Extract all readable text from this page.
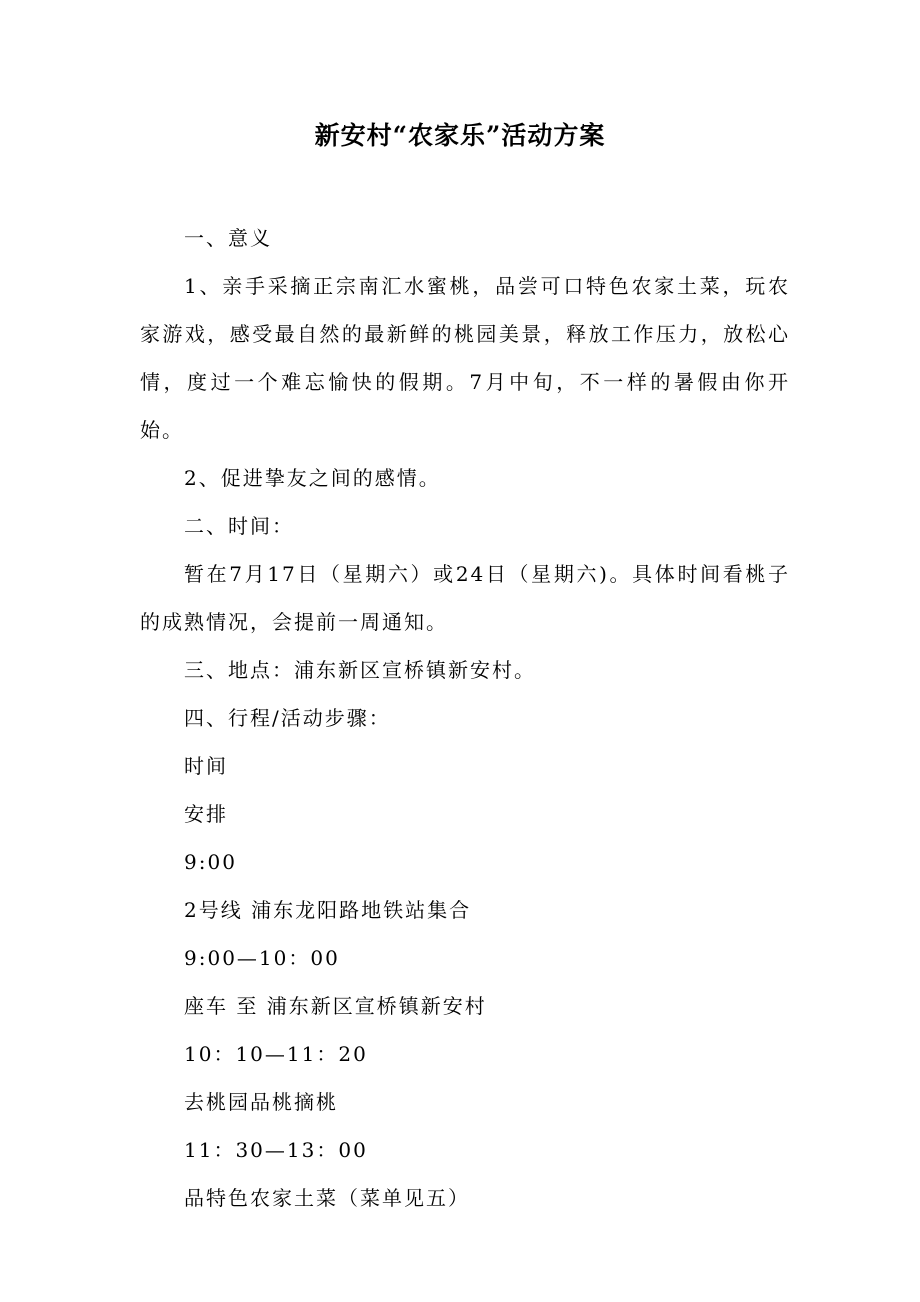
新安村“农家乐”活动方案

一、意义

1、亲手采摘正宗南汇水蜜桃，品尝可口特色农家土菜，玩农家游戏，感受最自然的最新鲜的桃园美景，释放工作压力，放松心情，度过一个难忘愉快的假期。7月中旬，不一样的暑假由你开始。

2、促进挚友之间的感情。

二、时间：

暂在7月17日（星期六）或24日（星期六)。具体时间看桃子的成熟情况，会提前一周通知。

三、地点：浦东新区宣桥镇新安村。

四、行程/活动步骤：

时间

安排

9:00

2号线 浦东龙阳路地铁站集合

9:00—10：00

座车 至 浦东新区宣桥镇新安村

10：10—11：20

去桃园品桃摘桃

11：30—13：00

品特色农家土菜（菜单见五）
